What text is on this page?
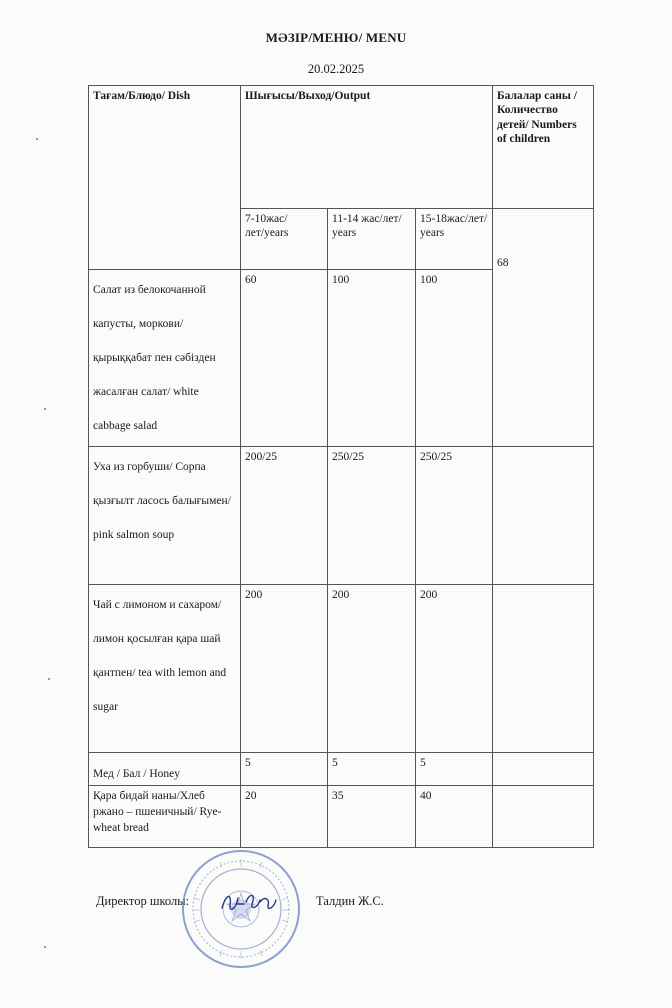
МӘЗІР/МЕНЮ/ MENU
20.02.2025
Тағам/Блюдо/ Dish	Шығысы/Выход/Output			Балалар саны /Количество детей/ Numbers of children
	7-10жас/лет/years	11-14 жас/лет/ years	15-18жас/лет/ years	68

Салат из белокочанной капусты, моркови/ қырыққабат пен сәбізден жасалған салат/ white cabbage salad	60	100	100	

Уха из горбуши/ Сорпа қызғылт ласось балығымен/ pink salmon soup	200/25	250/25	250/25	

Чай с лимоном и сахаром/ лимон қосылған қара шай қантпен/ tea with lemon and sugar	200	200	200	

Мед / Бал / Honey	5	5	5	

Қара бидай наны/Хлеб ржано – пшеничный/ Rye-wheat bread	20	35	40	
Директор школы:	Талдин Ж.С.
